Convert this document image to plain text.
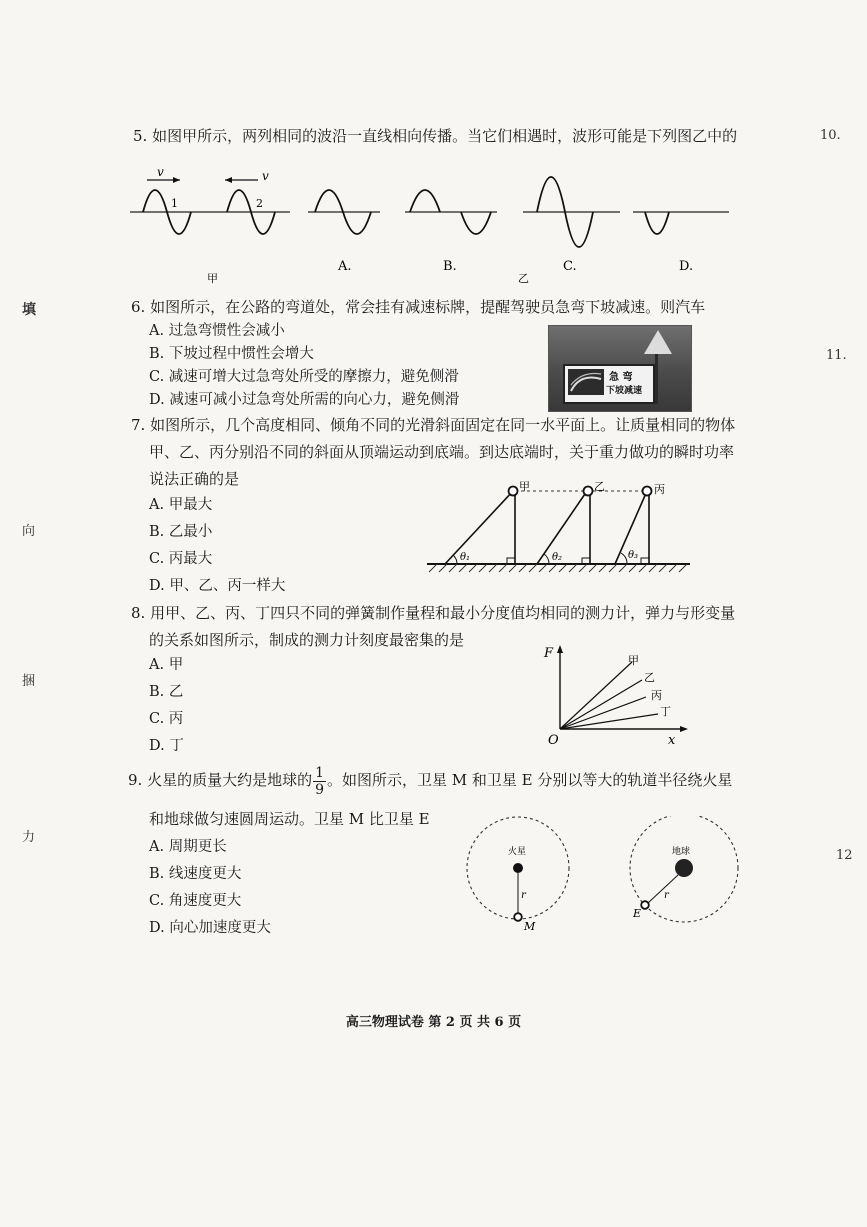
10.
填
11.
向
捆
力
12
5. 如图甲所示，两列相同的波沿一直线相向传播。当它们相遇时，波形可能是下列图乙中的
v	v
1	2
甲
A.	B.	C.	D.
乙
6. 如图所示，在公路的弯道处，常会挂有减速标牌，提醒驾驶员急弯下坡减速。则汽车
A. 过急弯惯性会减小
B. 下坡过程中惯性会增大
C. 减速可增大过急弯处所受的摩擦力，避免侧滑
D. 减速可减小过急弯处所需的向心力，避免侧滑
急 弯
下坡减速
7. 如图所示，几个高度相同、倾角不同的光滑斜面固定在同一水平面上。让质量相同的物体
甲、乙、丙分别沿不同的斜面从顶端运动到底端。到达底端时，关于重力做功的瞬时功率
说法正确的是
A. 甲最大
B. 乙最小
C. 丙最大
D. 甲、乙、丙一样大
甲	乙	丙
θ₁	θ₂	θ₃
8. 用甲、乙、丙、丁四只不同的弹簧制作量程和最小分度值均相同的测力计，弹力与形变量
的关系如图所示，制成的测力计刻度最密集的是
A. 甲
B. 乙
C. 丙
D. 丁
F
x
O
甲
乙
丙
丁
9. 火星的质量大约是地球的 $\frac{1}{9}$ 。如图所示，卫星 M 和卫星 E 分别以等大的轨道半径绕火星
和地球做匀速圆周运动。卫星 M 比卫星 E
A. 周期更长
B. 线速度更大
C. 角速度更大
D. 向心加速度更大
火星
r
M
地球
r
E
高三物理试卷 第 2 页 共 6 页
